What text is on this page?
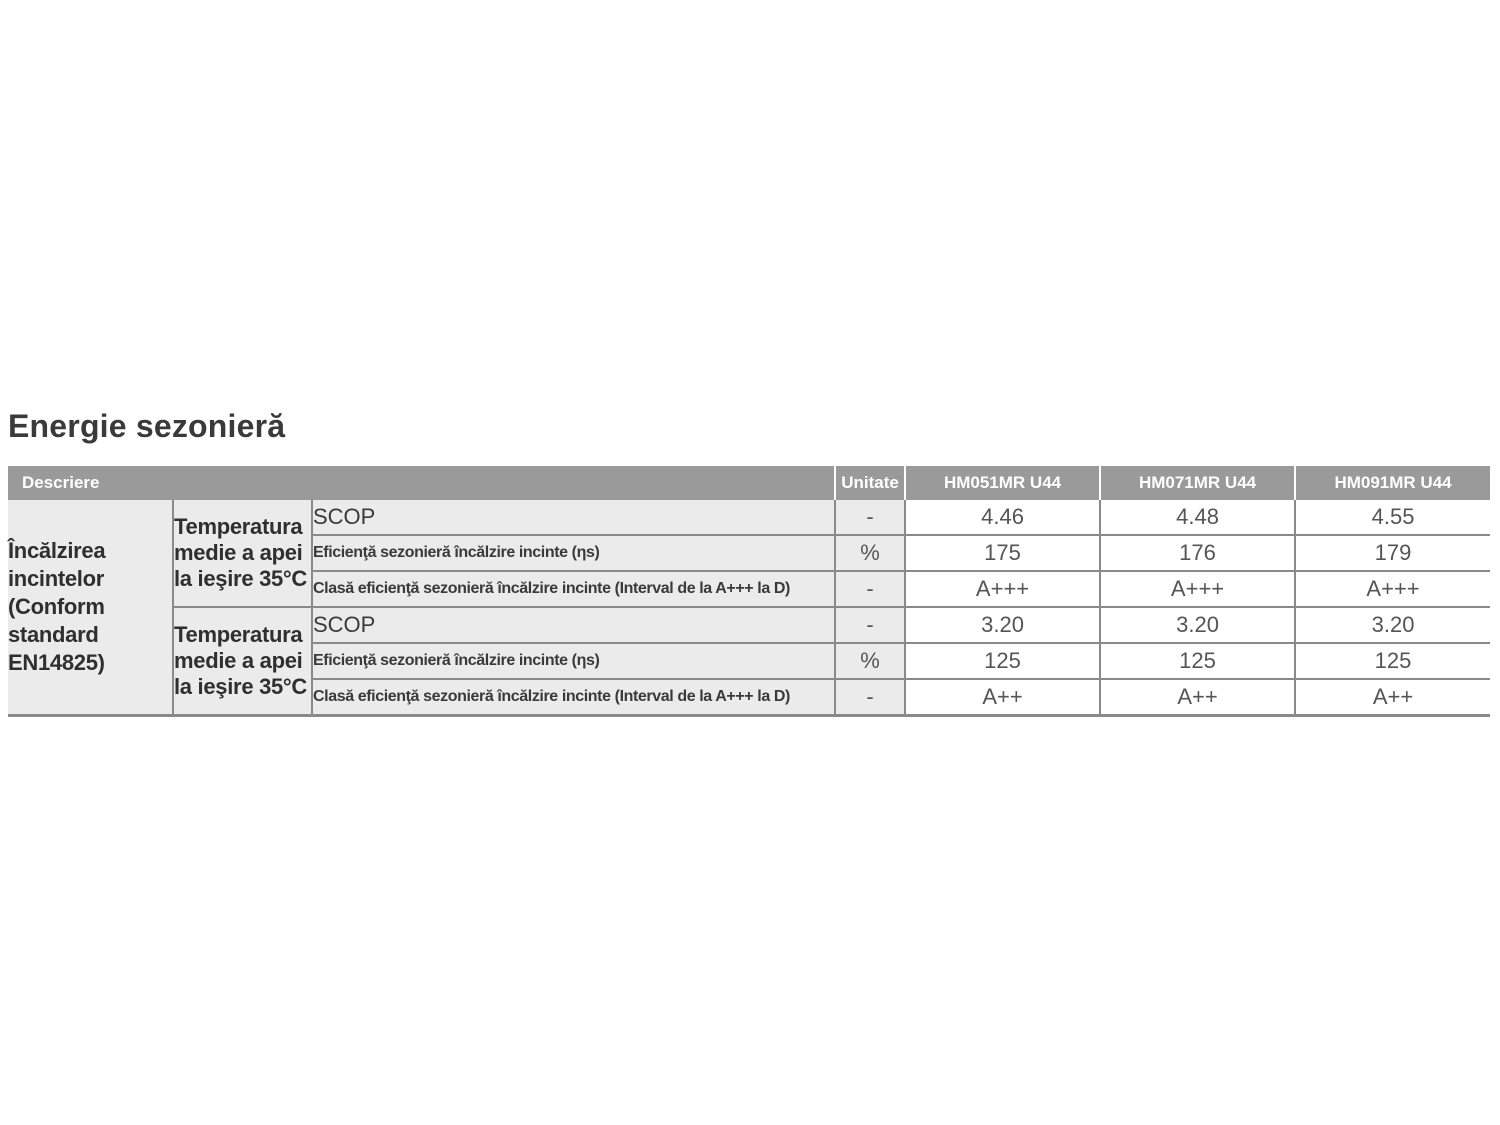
Energie sezonieră
Descriere			Unitate	HM051MR U44	HM071MR U44	HM091MR U44
Încălzirea incintelor (Conform standard EN14825)	Temperatura medie a apei la ieşire 35°C	SCOP	-	4.46	4.48	4.55
		Eficienţă sezonieră încălzire incinte (ηs)	%	175	176	179
		Clasă eficienţă sezonieră încălzire incinte (Interval de la A+++ la D)	-	A+++	A+++	A+++
	Temperatura medie a apei la ieşire 35°C	SCOP	-	3.20	3.20	3.20
		Eficienţă sezonieră încălzire incinte (ηs)	%	125	125	125
		Clasă eficienţă sezonieră încălzire incinte (Interval de la A+++ la D)	-	A++	A++	A++
